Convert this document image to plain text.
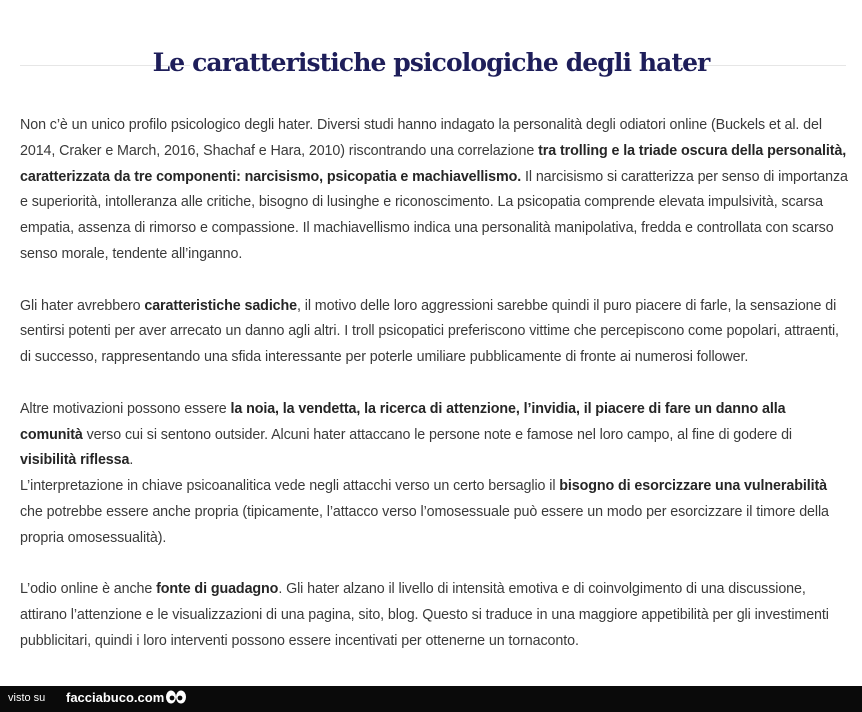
Le caratteristiche psicologiche degli hater

Non c’è un unico profilo psicologico degli hater. Diversi studi hanno indagato la personalità degli odiatori online (Buckels et al. del 2014, Craker e March, 2016, Shachaf e Hara, 2010) riscontrando una correlazione tra trolling e la triade oscura della personalità, caratterizzata da tre componenti: narcisismo, psicopatia e machiavellismo. Il narcisismo si caratterizza per senso di importanza e superiorità, intolleranza alle critiche, bisogno di lusinghe e riconoscimento. La psicopatia comprende elevata impulsività, scarsa empatia, assenza di rimorso e compassione. Il machiavellismo indica una personalità manipolativa, fredda e controllata con scarso senso morale, tendente all’inganno.

Gli hater avrebbero caratteristiche sadiche, il motivo delle loro aggressioni sarebbe quindi il puro piacere di farle, la sensazione di sentirsi potenti per aver arrecato un danno agli altri. I troll psicopatici preferiscono vittime che percepiscono come popolari, attraenti, di successo, rappresentando una sfida interessante per poterle umiliare pubblicamente di fronte ai numerosi follower.

Altre motivazioni possono essere la noia, la vendetta, la ricerca di attenzione, l’invidia, il piacere di fare un danno alla comunità verso cui si sentono outsider. Alcuni hater attaccano le persone note e famose nel loro campo, al fine di godere di visibilità riflessa.

L’interpretazione in chiave psicoanalitica vede negli attacchi verso un certo bersaglio il bisogno di esorcizzare una vulnerabilità che potrebbe essere anche propria (tipicamente, l’attacco verso l’omosessuale può essere un modo per esorcizzare il timore della propria omosessualità).

L’odio online è anche fonte di guadagno. Gli hater alzano il livello di intensità emotiva e di coinvolgimento di una discussione, attirano l’attenzione e le visualizzazioni di una pagina, sito, blog. Questo si traduce in una maggiore appetibilità per gli investimenti pubblicitari, quindi i loro interventi possono essere incentivati per ottenerne un tornaconto.

visto su facciabuco.com
